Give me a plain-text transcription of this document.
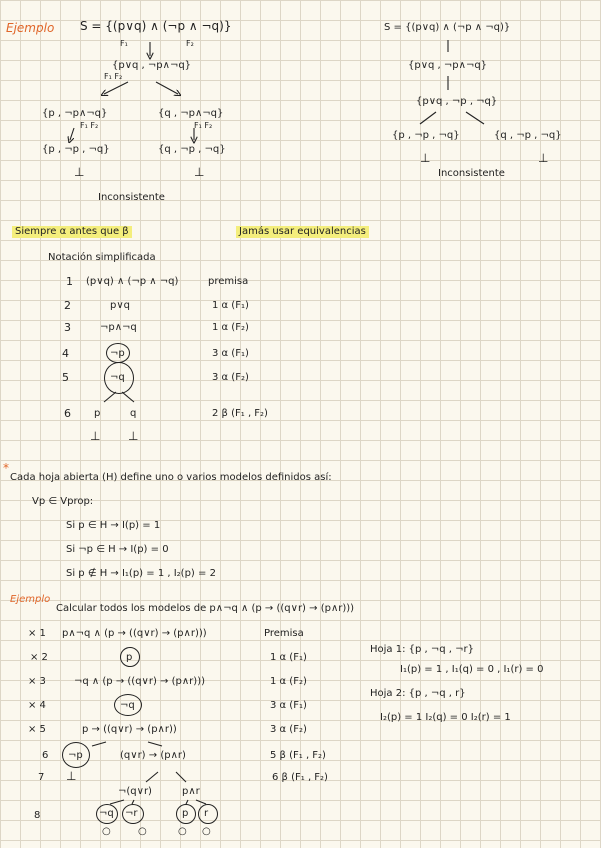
Ejemplo S = {(p∨q) ∧ (¬p ∧ ¬q)}
F₁	F₂
{p∨q , ¬p∧¬q}
F₁ F₂
{p , ¬p∧¬q}
F₁ F₂
{q , ¬p∧¬q}
F₁ F₂
{p , ¬p , ¬q}	{q , ¬p , ¬q}
⊥	⊥
Inconsistente
S = {(p∨q) ∧ (¬p ∧ ¬q)}
{p∨q , ¬p∧¬q}
{p∨q , ¬p , ¬q}
{p , ¬p , ¬q}	{q , ¬p , ¬q}
⊥	⊥
Inconsistente
Siempre α antes que β	Jamás usar equivalencias
Notación simplificada
1 (p∨q) ∧ (¬p ∧ ¬q)	premisa
2	p∨q	1 α (F₁)
3	¬p∧¬q	1 α (F₂)
4	¬p	3 α (F₁)
5	¬q	3 α (F₂)
6 p	q	2 β (F₁ , F₂)
⊥ ⊥
*
Cada hoja abierta (H) define uno o varios modelos definidos así:
Vp ∈ Vprop:
Si p ∈ H → I(p) = 1
Si ¬p ∈ H → I(p) = 0
Si p ∉ H → I₁(p) = 1 , I₂(p) = 2
Ejemplo
Calcular todos los modelos de p∧¬q ∧ (p → ((q∨r) → (p∧r)))
× 1 p∧¬q ∧ (p → ((q∨r) → (p∧r)))	Premisa
× 2	p	1 α (F₁)
× 3	¬q ∧ (p → ((q∨r) → (p∧r)))	1 α (F₂)
× 4	¬q	3 α (F₁)
× 5	p → ((q∨r) → (p∧r))	3 α (F₂)
6 ¬p	(q∨r) → (p∧r)	5 β (F₁ , F₂)
7 ⊥	6 β (F₁ , F₂)
¬(q∨r)	p∧r
8	¬q ¬r	p r
○	○	○ ○
Hoja 1: {p , ¬q , ¬r}
I₁(p) = 1 , I₁(q) = 0 , I₁(r) = 0
Hoja 2: {p , ¬q , r}
I₂(p) = 1 I₂(q) = 0 I₂(r) = 1
